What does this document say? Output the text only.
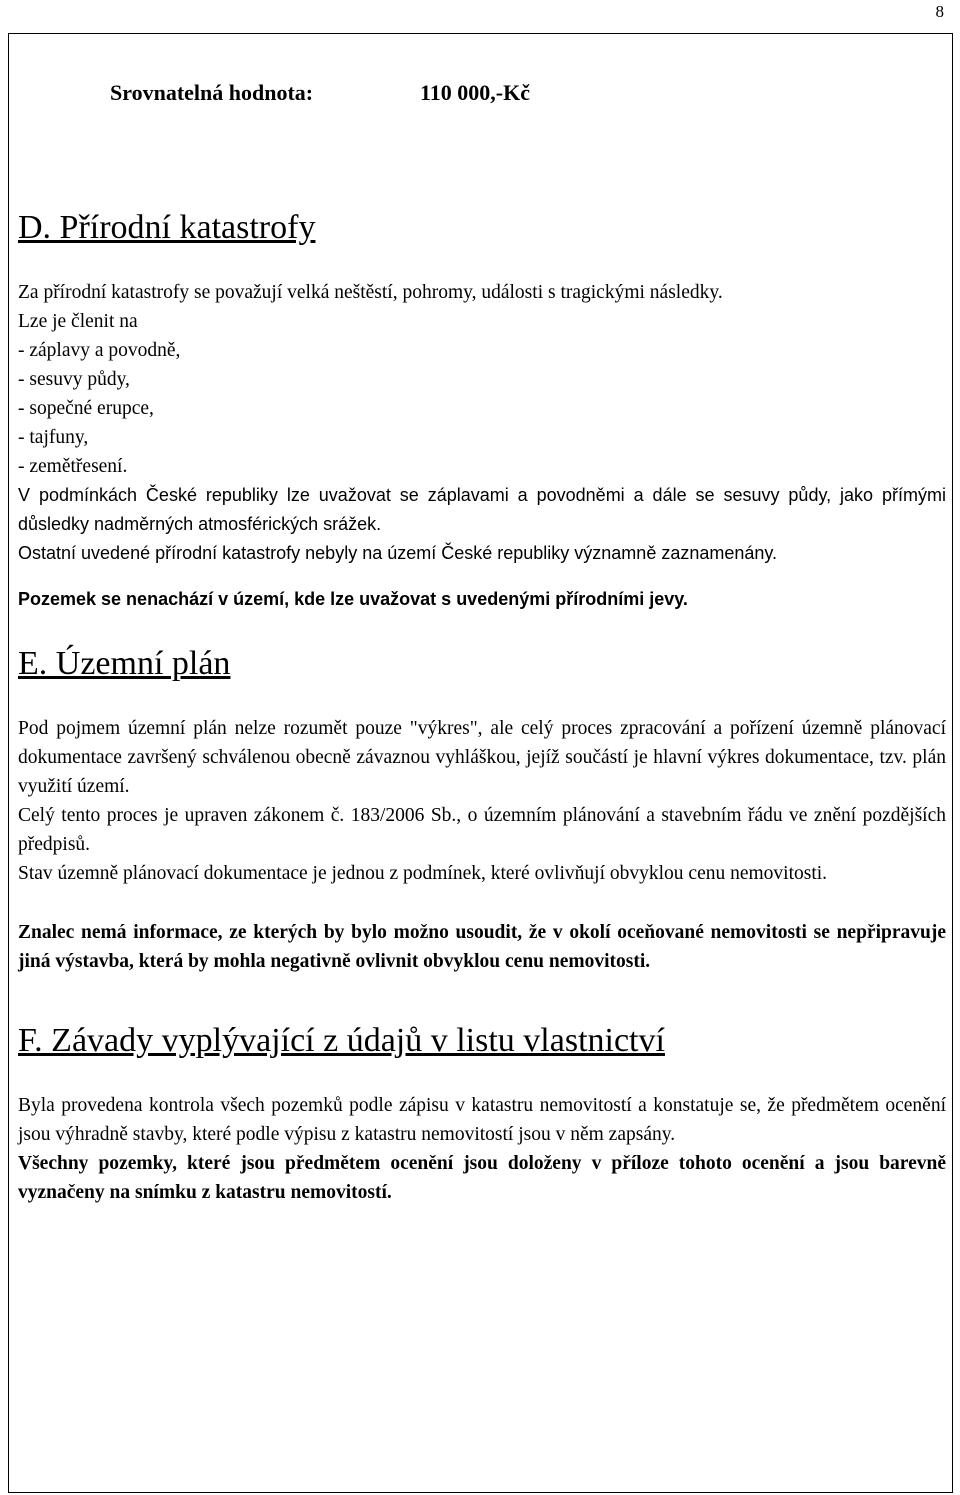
8
Srovnatelná hodnota:	110 000,-Kč
D. Přírodní katastrofy

Za přírodní katastrofy se považují velká neštěstí, pohromy, události s tragickými následky.

Lze je členit na

- záplavy a povodně,

- sesuvy půdy,

- sopečné erupce,

- tajfuny,

- zemětřesení.

V podmínkách České republiky lze uvažovat se záplavami a povodněmi a dále se sesuvy půdy, jako přímými důsledky nadměrných atmosférických srážek.

Ostatní uvedené přírodní katastrofy nebyly na území České republiky významně zaznamenány.

Pozemek se nenachází v území, kde lze uvažovat s uvedenými přírodními jevy.

E. Územní plán

Pod pojmem územní plán nelze rozumět pouze "výkres", ale celý proces zpracování a pořízení územně plánovací dokumentace završený schválenou obecně závaznou vyhláškou, jejíž součástí je hlavní výkres dokumentace, tzv. plán využití území.

Celý tento proces je upraven zákonem č. 183/2006 Sb., o územním plánování a stavebním řádu ve znění pozdějších předpisů.

Stav územně plánovací dokumentace je jednou z podmínek, které ovlivňují obvyklou cenu nemovitosti.

Znalec nemá informace, ze kterých by bylo možno usoudit, že v okolí oceňované nemovitosti se nepřipravuje jiná výstavba, která by mohla negativně ovlivnit obvyklou cenu nemovitosti.

F. Závady vyplývající z údajů v listu vlastnictví

Byla provedena kontrola všech pozemků podle zápisu v katastru nemovitostí a konstatuje se, že předmětem ocenění jsou výhradně stavby, které podle výpisu z katastru nemovitostí jsou v něm zapsány.

Všechny pozemky, které jsou předmětem ocenění jsou doloženy v příloze tohoto ocenění a jsou barevně vyznačeny na snímku z katastru nemovitostí.
